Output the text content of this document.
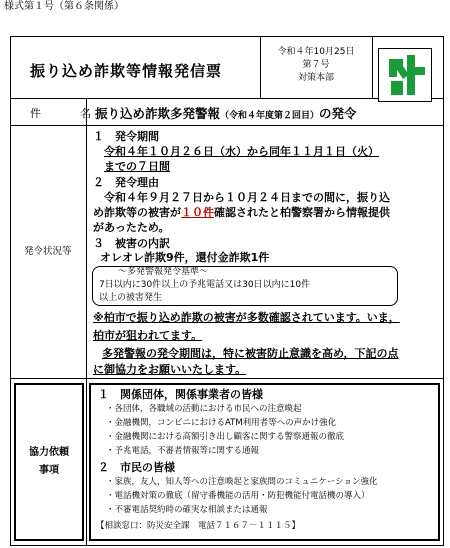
様式第１号（第６条関係）
振り込め詐欺等情報発信票
令和４年10月25日
第７号
対策本部
件　名
振り込め詐欺多発警報（令和４年度第２回目）の発令
発令状況等
１　発令期間
令和４年１０月２６日（水）から同年１１月１日（火）
までの７日間
２　発令理由
令和４年９月２７日から１０月２４日までの間に，振り込
め詐欺等の被害が１０件確認されたと柏警察署から情報提供
があったため。
３　被害の内訳
オレオレ詐欺9件，還付金詐欺1件
～多発警報発令基準～
7日以内に30件以上の予兆電話又は30日以内に10件
以上の被害発生
※柏市で振り込め詐欺の被害が多数確認されています。いま，
柏市が狙われてます。
多発警報の発令期間は，特に被害防止意識を高め，下記の点
に御協力をお願いいたします。
協力依頼
事項
１　関係団体，関係事業者の皆様
・各団体，各職域の活動における市民への注意喚起
・金融機関，コンビニにおけるATM利用者等への声かけ強化
・金融機関における高額引き出し顧客に関する警察通報の徹底
・予兆電話，不審者情報等に関する通報
２　市民の皆様
・家族，友人，知人等への注意喚起と家族間のコミュニケーション強化
・電話機対策の徹底（留守番機能の活用・防犯機能付電話機の導入）
・不審電話契約時の確実な相談または通報
【相談窓口：防災安全課　電話７１６７－１１１５】
